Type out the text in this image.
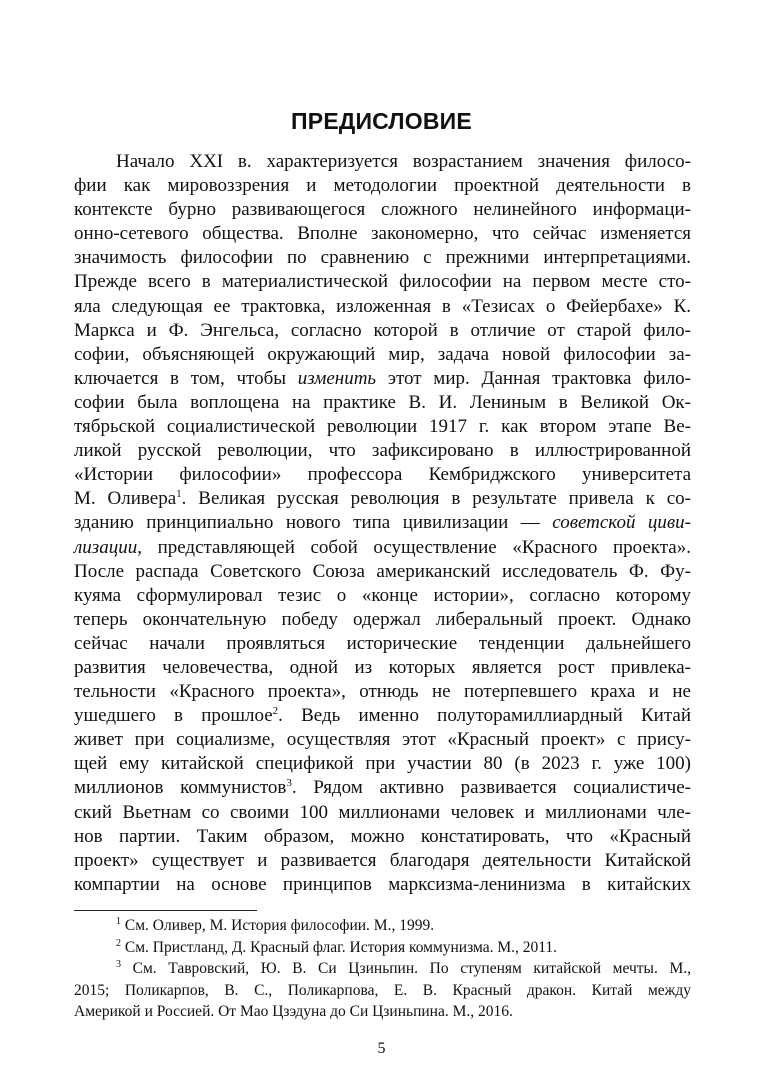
ПРЕДИСЛОВИЕ
Начало XXI в. характеризуется возрастанием значения филосо-
фии как мировоззрения и методологии проектной деятельности в
контексте бурно развивающегося сложного нелинейного информаци-
онно-сетевого общества. Вполне закономерно, что сейчас изменяется
значимость философии по сравнению с прежними интерпретациями.
Прежде всего в материалистической философии на первом месте сто-
яла следующая ее трактовка, изложенная в «Тезисах о Фейербахе» К.
Маркса и Ф. Энгельса, согласно которой в отличие от старой фило-
софии, объясняющей окружающий мир, задача новой философии за-
ключается в том, чтобы изменить этот мир. Данная трактовка фило-
софии была воплощена на практике В. И. Лениным в Великой Ок-
тябрьской социалистической революции 1917 г. как втором этапе Ве-
ликой русской революции, что зафиксировано в иллюстрированной
«Истории философии» профессора Кембриджского университета
М. Оливера$^1$. Великая русская революция в результате привела к со-
зданию принципиально нового типа цивилизации — советской циви-
лизации, представляющей собой осуществление «Красного проекта».
После распада Советского Союза американский исследователь Ф. Фу-
куяма сформулировал тезис о «конце истории», согласно которому
теперь окончательную победу одержал либеральный проект. Однако
сейчас начали проявляться исторические тенденции дальнейшего
развития человечества, одной из которых является рост привлека-
тельности «Красного проекта», отнюдь не потерпевшего краха и не
ушедшего в прошлое$^2$. Ведь именно полуторамиллиардный Китай
живет при социализме, осуществляя этот «Красный проект» с прису-
щей ему китайской спецификой при участии 80 (в 2023 г. уже 100)
миллионов коммунистов$^3$. Рядом активно развивается социалистиче-
ский Вьетнам со своими 100 миллионами человек и миллионами чле-
нов партии. Таким образом, можно констатировать, что «Красный
проект» существует и развивается благодаря деятельности Китайской
компартии на основе принципов марксизма-ленинизма в китайских
$^1$ См. Оливер, М. История философии. М., 1999.
$^2$ См. Пристланд, Д. Красный флаг. История коммунизма. М., 2011.
$^3$ См. Тавровский, Ю. В. Си Цзиньпин. По ступеням китайской мечты. М.,
2015; Поликарпов, В. С., Поликарпова, Е. В. Красный дракон. Китай между
Америкой и Россией. От Мао Цзэдуна до Си Цзиньпина. М., 2016.
5
